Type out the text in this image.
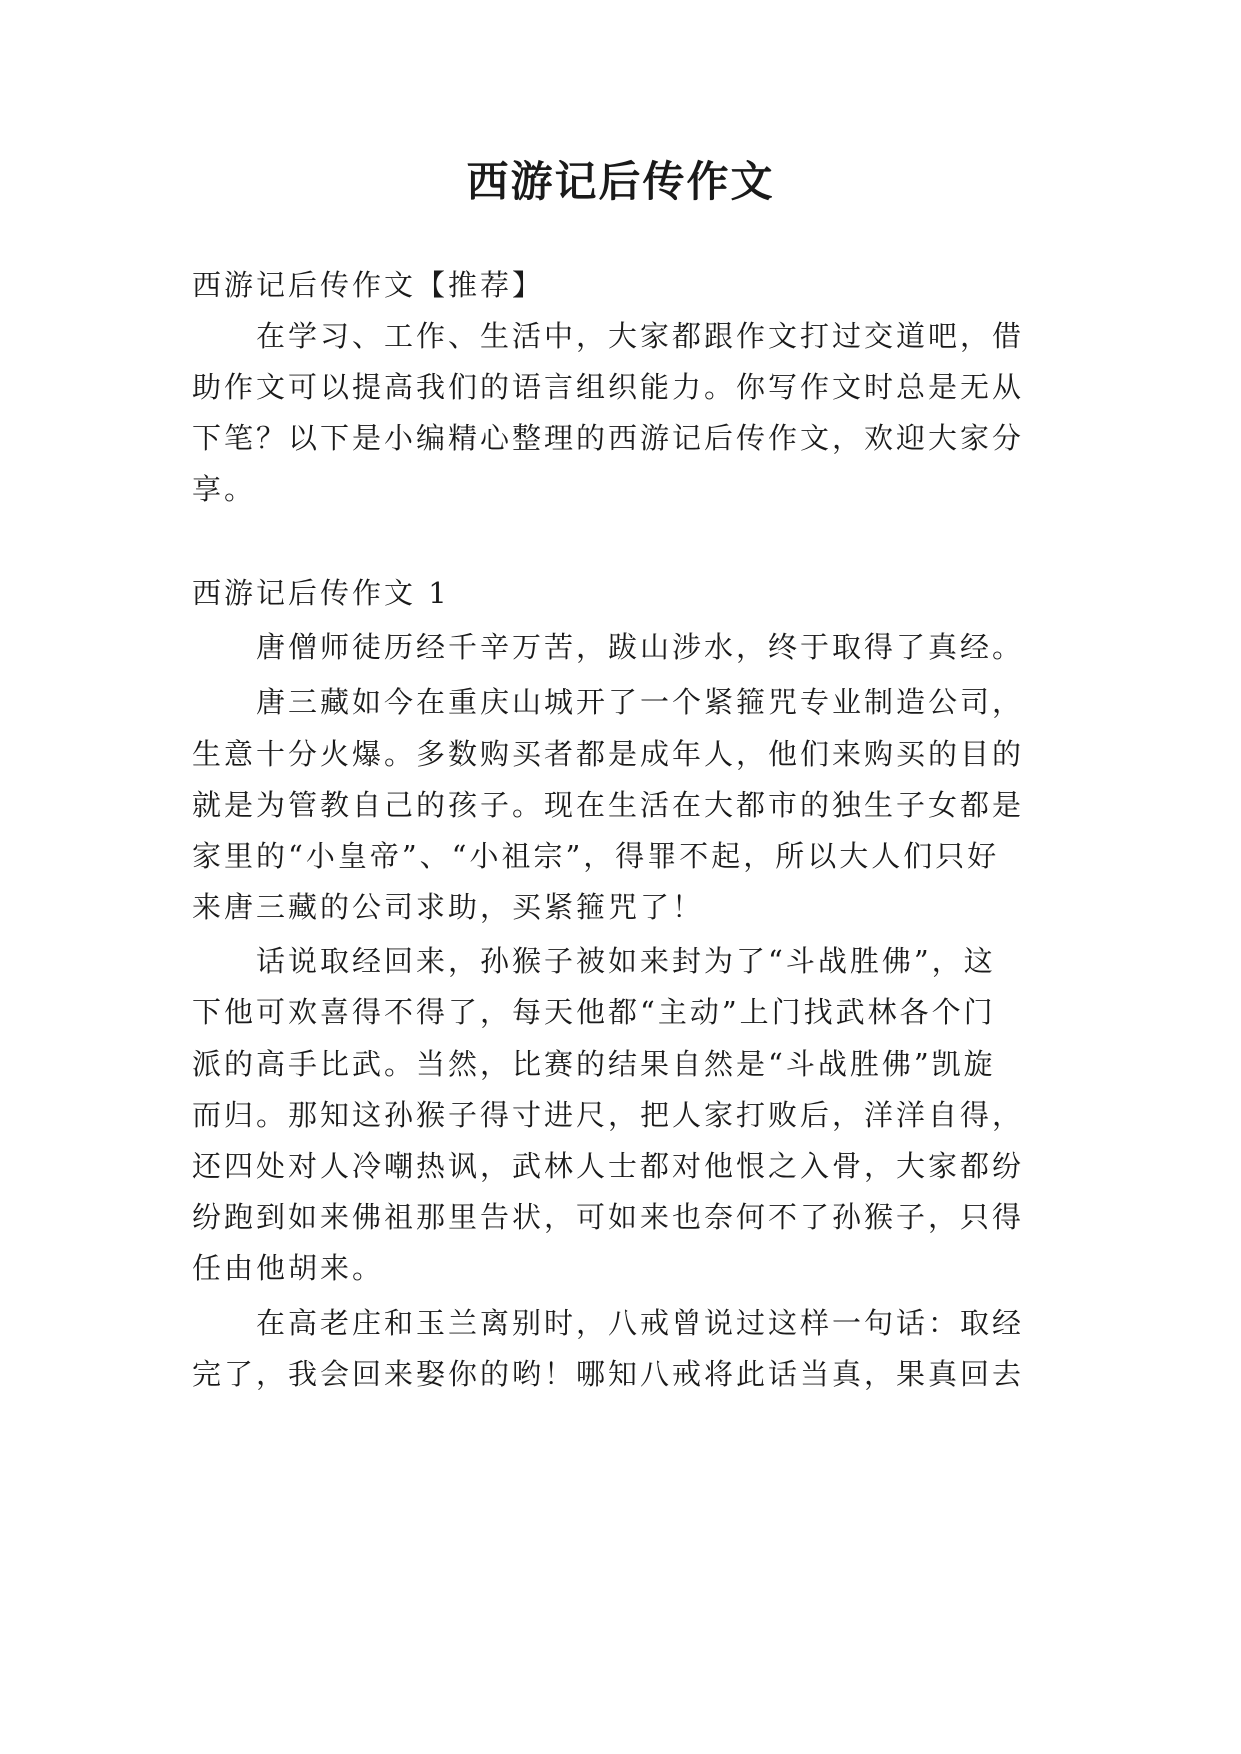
西游记后传作文

西游记后传作文【推荐】

在学习、工作、生活中，大家都跟作文打过交道吧，借

助作文可以提高我们的语言组织能力。你写作文时总是无从

下笔？以下是小编精心整理的西游记后传作文，欢迎大家分

享。

西游记后传作文 1

唐僧师徒历经千辛万苦，跋山涉水，终于取得了真经。

唐三藏如今在重庆山城开了一个紧箍咒专业制造公司，

生意十分火爆。多数购买者都是成年人，他们来购买的目的

就是为管教自己的孩子。现在生活在大都市的独生子女都是

家里的“小皇帝”、“小祖宗”，得罪不起，所以大人们只好

来唐三藏的公司求助，买紧箍咒了！

话说取经回来，孙猴子被如来封为了“斗战胜佛”，这

下他可欢喜得不得了，每天他都“主动”上门找武林各个门

派的高手比武。当然，比赛的结果自然是“斗战胜佛”凯旋

而归。那知这孙猴子得寸进尺，把人家打败后，洋洋自得，

还四处对人冷嘲热讽，武林人士都对他恨之入骨，大家都纷

纷跑到如来佛祖那里告状，可如来也奈何不了孙猴子，只得

任由他胡来。

在高老庄和玉兰离别时，八戒曾说过这样一句话：取经

完了，我会回来娶你的哟！哪知八戒将此话当真，果真回去
